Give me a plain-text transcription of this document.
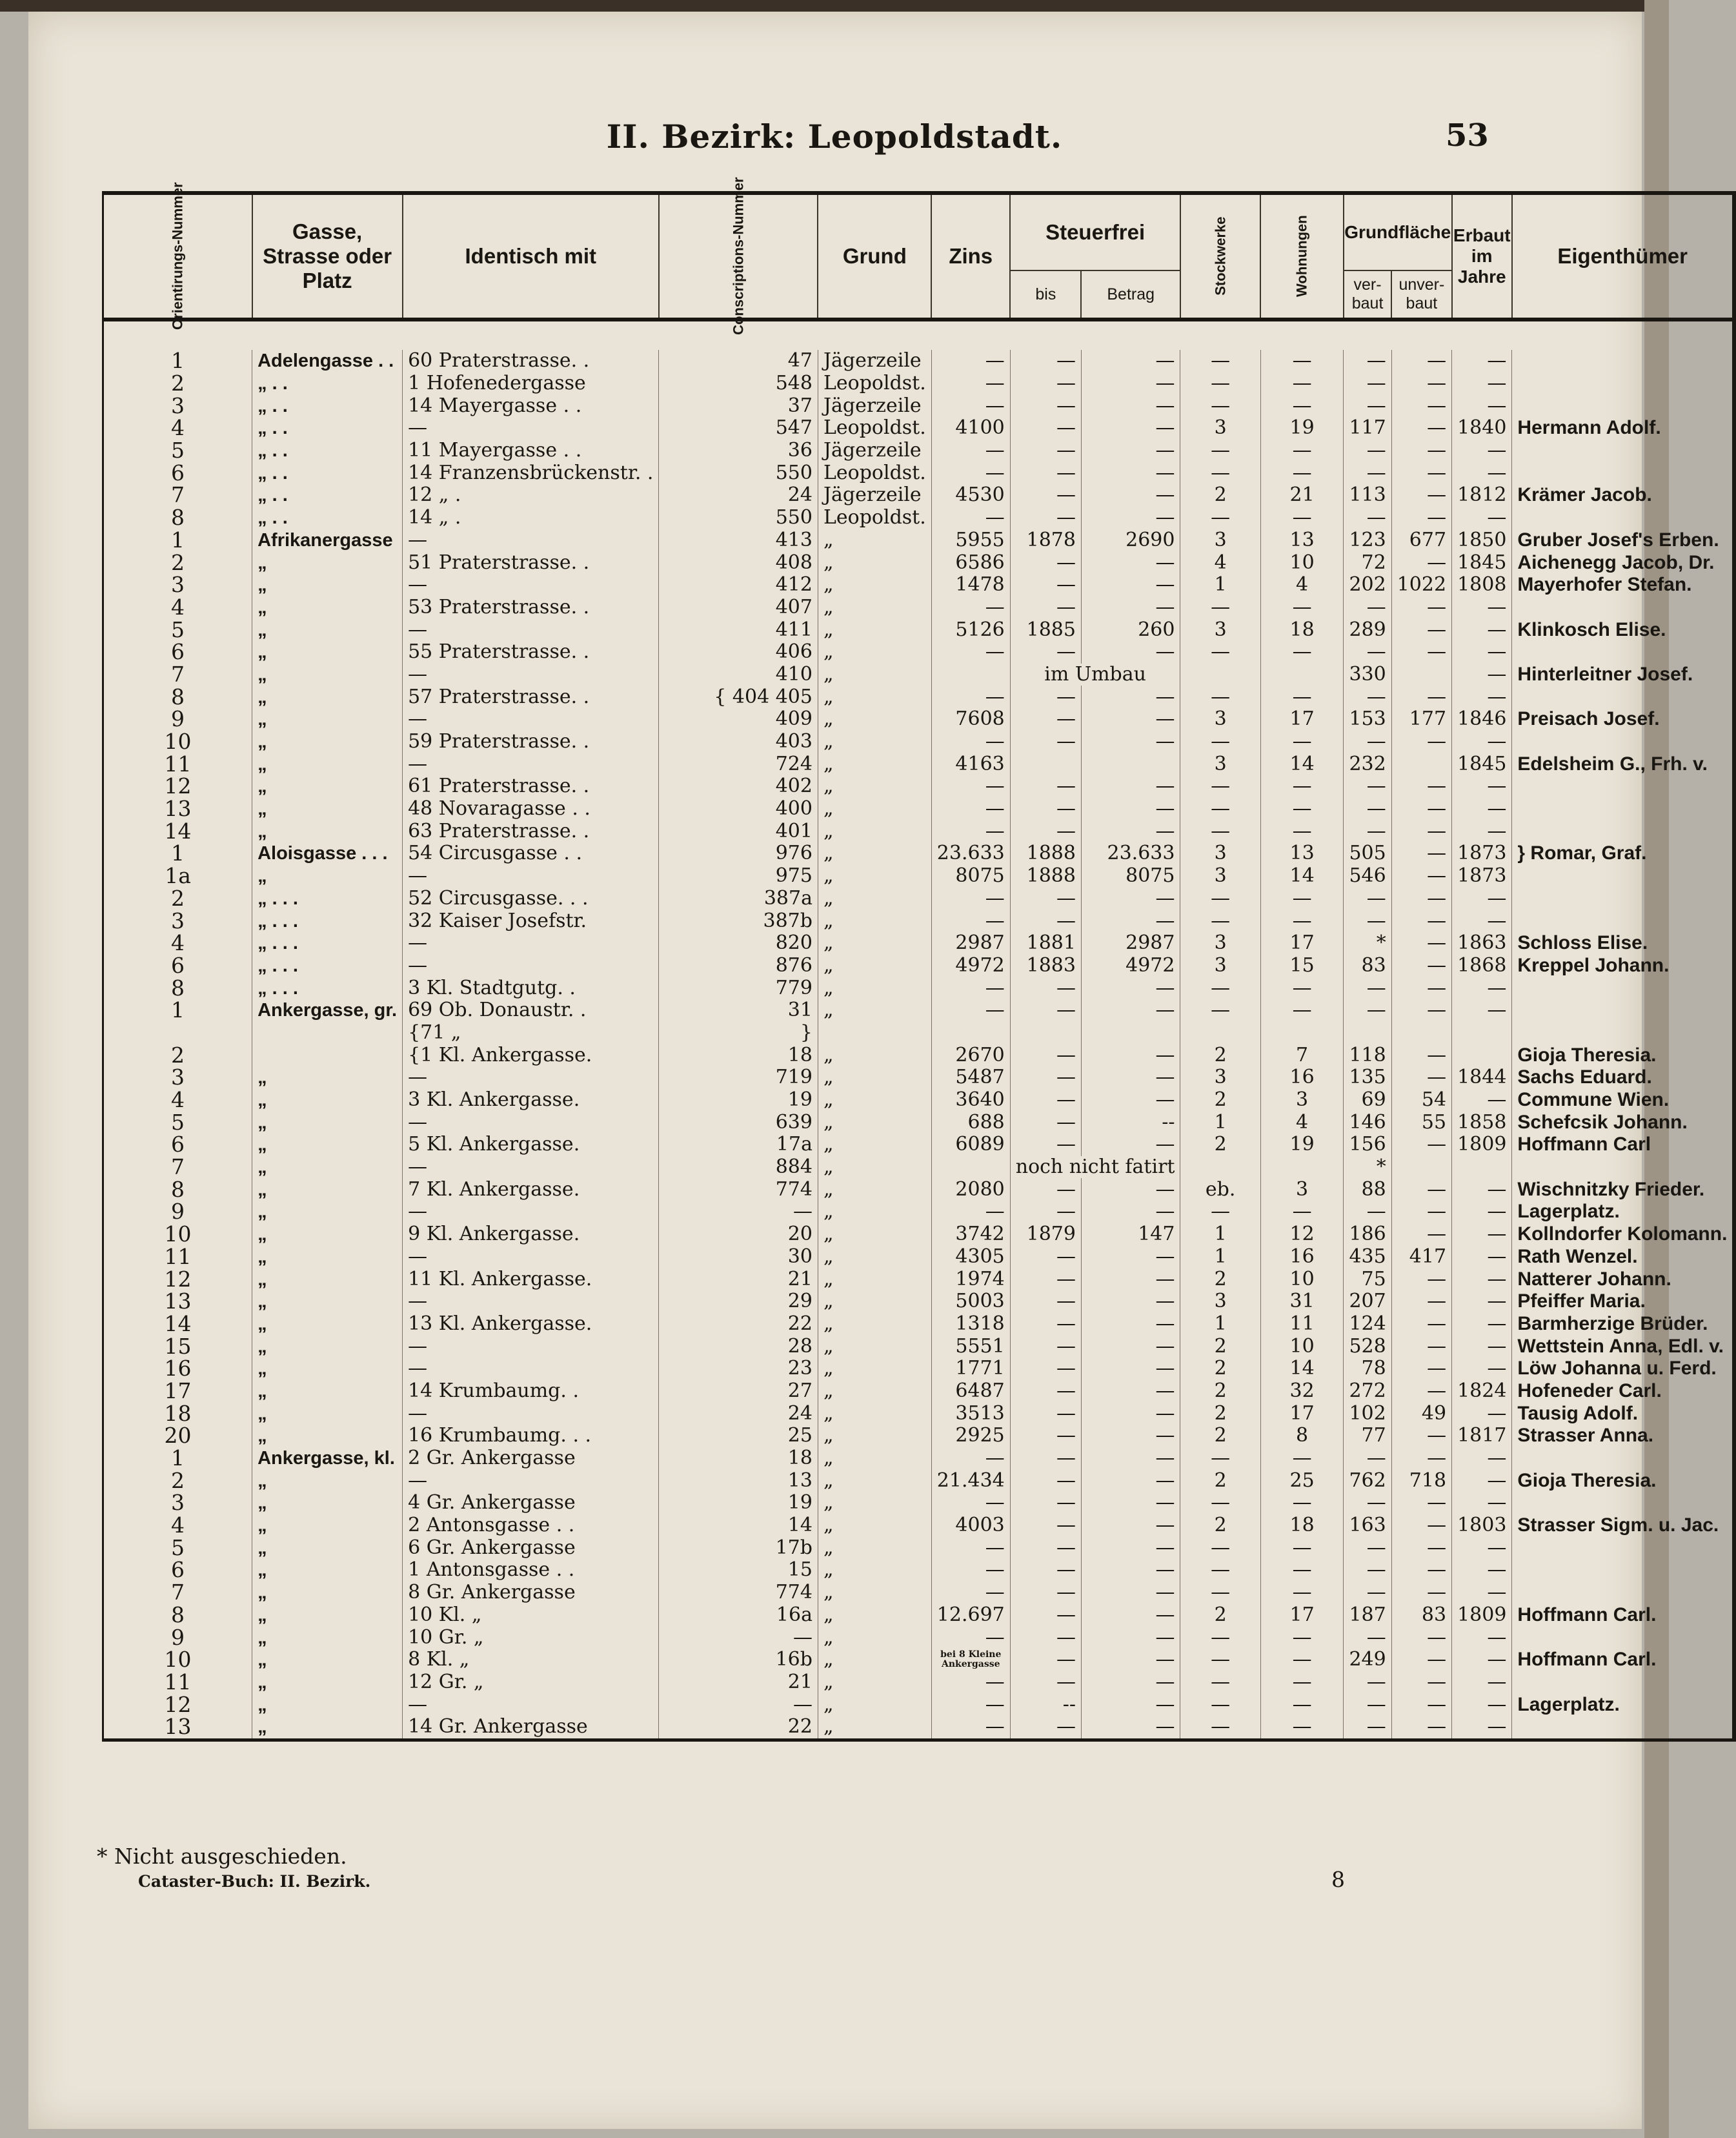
II. Bezirk: Leopoldstadt.	53
Orientirungs-Nummer	Gasse, Strasse oder Platz	Identisch mit	Conscriptions-Nummer	Grund	Zins	Steuerfrei		Stockwerke	Wohnungen	Grundfläche		Erbaut im Jahre	Eigenthümer
						bis	Betrag			ver-baut	unver-baut		

1	Adelengasse . .	60 Praterstrasse. .	47	Jägerzeile	—	—	—	—	—	—	—	—	
2	„ . .	1 Hofenedergasse	548	Leopoldst.	—	—	—	—	—	—	—	—	
3	„ . .	14 Mayergasse . .	37	Jägerzeile	—	—	—	—	—	—	—	—	
4	„ . .	—	547	Leopoldst.	4100	—	—	3	19	117	—	1840	Hermann Adolf.
5	„ . .	11 Mayergasse . .	36	Jägerzeile	—	—	—	—	—	—	—	—	
6	„ . .	14 Franzensbrückenstr. .	550	Leopoldst.	—	—	—	—	—	—	—	—	
7	„ . .	12 „ .	24	Jägerzeile	4530	—	—	2	21	113	—	1812	Krämer Jacob.
8	„ . .	14 „ .	550	Leopoldst.	—	—	—	—	—	—	—	—	
1	Afrikanergasse	—	413	„	5955	1878	2690	3	13	123	677	1850	Gruber Josef's Erben.
2	„	51 Praterstrasse. .	408	„	6586	—	—	4	10	72	—	1845	Aichenegg Jacob, Dr.
3	„	—	412	„	1478	—	—	1	4	202	1022	1808	Mayerhofer Stefan.
4	„	53 Praterstrasse. .	407	„	—	—	—	—	—	—	—	—	
5	„	—	411	„	5126	1885	260	3	18	289	—	—	Klinkosch Elise.
6	„	55 Praterstrasse. .	406	„	—	—	—	—	—	—	—	—	
7	„	—	410	„		im Umbau				330		—	Hinterleitner Josef.
8	„	57 Praterstrasse. .	{ 404 405	„	—	—	—	—	—	—	—	—	
9	„	—	409	„	7608	—	—	3	17	153	177	1846	Preisach Josef.
10	„	59 Praterstrasse. .	403	„	—	—	—	—	—	—	—	—	
11	„	—	724	„	4163			3	14	232		1845	Edelsheim G., Frh. v.
12	„	61 Praterstrasse. .	402	„	—	—	—	—	—	—	—	—	
13	„	48 Novaragasse . .	400	„	—	—	—	—	—	—	—	—	
14	„	63 Praterstrasse. .	401	„	—	—	—	—	—	—	—	—	
1	Aloisgasse . . .	54 Circusgasse . .	976	„	23.633	1888	23.633	3	13	505	—	1873	} Romar, Graf.
1a	„	—	975	„	8075	1888	8075	3	14	546	—	1873	
2	„ . . .	52 Circusgasse. . .	387a	„	—	—	—	—	—	—	—	—	
3	„ . . .	32 Kaiser Josefstr.	387b	„	—	—	—	—	—	—	—	—	
4	„ . . .	—	820	„	2987	1881	2987	3	17	*	—	1863	Schloss Elise.
6	„ . . .	—	876	„	4972	1883	4972	3	15	83	—	1868	Kreppel Johann.
8	„ . . .	3 Kl. Stadtgutg. .	779	„	—	—	—	—	—	—	—	—	
1	Ankergasse, gr.	69 Ob. Donaustr. .	31	„	—	—	—	—	—	—	—	—	
		{71 „	}										
2		{1 Kl. Ankergasse.	18	„	2670	—	—	2	7	118	—		Gioja Theresia.
3	„	—	719	„	5487	—	—	3	16	135	—	1844	Sachs Eduard.
4	„	3 Kl. Ankergasse.	19	„	3640	—	—	2	3	69	54	—	Commune Wien.
5	„	—	639	„	688	—	--	1	4	146	55	1858	Schefcsik Johann.
6	„	5 Kl. Ankergasse.	17a	„	6089	—	—	2	19	156	—	1809	Hoffmann Carl
7	„	—	884	„		noch nicht fatirt				*			
8	„	7 Kl. Ankergasse.	774	„	2080	—	—	eb.	3	88	—	—	Wischnitzky Frieder.
9	„	—	—	„	—	—	—	—	—	—	—	—	Lagerplatz.
10	„	9 Kl. Ankergasse.	20	„	3742	1879	147	1	12	186	—	—	Kollndorfer Kolomann.
11	„	—	30	„	4305	—	—	1	16	435	417	—	Rath Wenzel.
12	„	11 Kl. Ankergasse.	21	„	1974	—	—	2	10	75	—	—	Natterer Johann.
13	„	—	29	„	5003	—	—	3	31	207	—	—	Pfeiffer Maria.
14	„	13 Kl. Ankergasse.	22	„	1318	—	—	1	11	124	—	—	Barmherzige Brüder.
15	„	—	28	„	5551	—	—	2	10	528	—	—	Wettstein Anna, Edl. v.
16	„	—	23	„	1771	—	—	2	14	78	—	—	Löw Johanna u. Ferd.
17	„	14 Krumbaumg. .	27	„	6487	—	—	2	32	272	—	1824	Hofeneder Carl.
18	„	—	24	„	3513	—	—	2	17	102	49	—	Tausig Adolf.
20	„	16 Krumbaumg. . .	25	„	2925	—	—	2	8	77	—	1817	Strasser Anna.
1	Ankergasse, kl.	2 Gr. Ankergasse	18	„	—	—	—	—	—	—	—	—	
2	„	—	13	„	21.434	—	—	2	25	762	718	—	Gioja Theresia.
3	„	4 Gr. Ankergasse	19	„	—	—	—	—	—	—	—	—	
4	„	2 Antonsgasse . .	14	„	4003	—	—	2	18	163	—	1803	Strasser Sigm. u. Jac.
5	„	6 Gr. Ankergasse	17b	„	—	—	—	—	—	—	—	—	
6	„	1 Antonsgasse . .	15	„	—	—	—	—	—	—	—	—	
7	„	8 Gr. Ankergasse	774	„	—	—	—	—	—	—	—	—	
8	„	10 Kl. „	16a	„	12.697	—	—	2	17	187	83	1809	Hoffmann Carl.
9	„	10 Gr. „	—	„	—	—	—	—	—	—	—	—	
10	„	8 Kl. „	16b	„	bei 8 Kleine Ankergasse	—	—	—	—	249	—	—	Hoffmann Carl.
11	„	12 Gr. „	21	„	—	—	—	—	—	—	—	—	
12	„	—	—	„	—	--	—	—	—	—	—	—	Lagerplatz.
13	„	14 Gr. Ankergasse	22	„	—	—	—	—	—	—	—	—	
* Nicht ausgeschieden.
Cataster-Buch: II. Bezirk.	8
